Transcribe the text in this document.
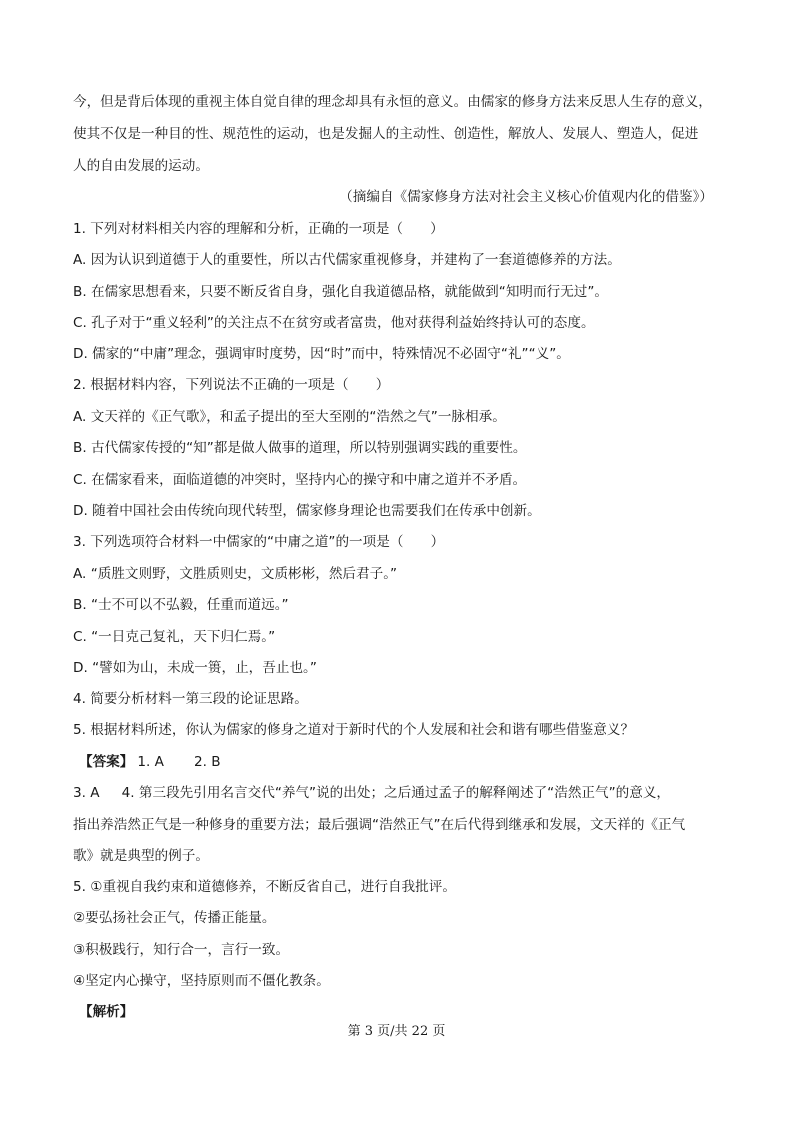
今，但是背后体现的重视主体自觉自律的理念却具有永恒的意义。由儒家的修身方法来反思人生存的意义，
使其不仅是一种目的性、规范性的运动，也是发掘人的主动性、创造性，解放人、发展人、塑造人，促进
人的自由发展的运动。
（摘编自《儒家修身方法对社会主义核心价值观内化的借鉴》）
1. 下列对材料相关内容的理解和分析，正确的一项是（　　）
A. 因为认识到道德于人的重要性，所以古代儒家重视修身，并建构了一套道德修养的方法。
B. 在儒家思想看来，只要不断反省自身，强化自我道德品格，就能做到“知明而行无过”。
C. 孔子对于“重义轻利”的关注点不在贫穷或者富贵，他对获得利益始终持认可的态度。
D. 儒家的“中庸”理念，强调审时度势，因“时”而中，特殊情况不必固守“礼”“义”。
2. 根据材料内容，下列说法不正确的一项是（　　）
A. 文天祥的《正气歌》，和孟子提出的至大至刚的“浩然之气”一脉相承。
B. 古代儒家传授的“知”都是做人做事的道理，所以特别强调实践的重要性。
C. 在儒家看来，面临道德的冲突时，坚持内心的操守和中庸之道并不矛盾。
D. 随着中国社会由传统向现代转型，儒家修身理论也需要我们在传承中创新。
3. 下列选项符合材料一中儒家的“中庸之道”的一项是（　　）
A. “质胜文则野，文胜质则史，文质彬彬，然后君子。”
B. “士不可以不弘毅，任重而道远。”
C. “一日克己复礼，天下归仁焉。”
D. “譬如为山，未成一篑，止，吾止也。”
4. 简要分析材料一第三段的论证思路。
5. 根据材料所述，你认为儒家的修身之道对于新时代的个人发展和社会和谐有哪些借鉴意义？
【答案】 1. A 2. B
3. A 4. 第三段先引用名言交代“养气”说的出处；之后通过孟子的解释阐述了“浩然正气”的意义，
指出养浩然正气是一种修身的重要方法；最后强调“浩然正气”在后代得到继承和发展，文天祥的《正气
歌》就是典型的例子。
5. ①重视自我约束和道德修养，不断反省自己，进行自我批评。
②要弘扬社会正气，传播正能量。
③积极践行，知行合一，言行一致。
④坚定内心操守，坚持原则而不僵化教条。
【解析】
第 3 页/共 22 页
